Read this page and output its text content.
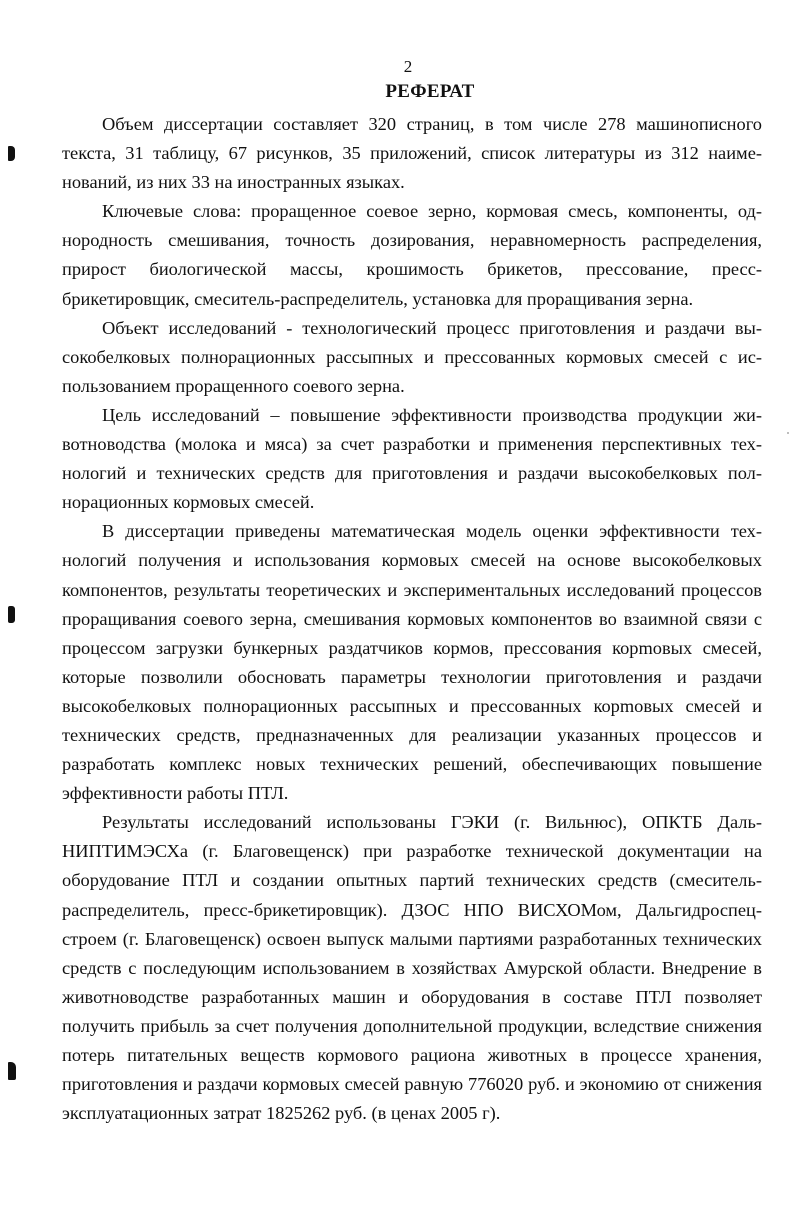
2
РЕФЕРАТ

Объем диссертации составляет 320 страниц, в том числе 278 машинописного текста, 31 таблицу, 67 рисунков, 35 приложений, список литературы из 312 наименований, из них 33 на иностранных языках.

Ключевые слова: проращенное соевое зерно, кормовая смесь, компоненты, однородность смешивания, точность дозирования, неравномерность распределения, прирост биологической массы, крошимость брикетов, прессование, пресс-брикетировщик, смеситель-распределитель, установка для проращивания зерна.

Объект исследований - технологический процесс приготовления и раздачи высокобелковых полнорационных рассыпных и прессованных кормовых смесей с использованием проращенного соевого зерна.

Цель исследований – повышение эффективности производства продукции животноводства (молока и мяса) за счет разработки и применения перспективных технологий и технических средств для приготовления и раздачи высокобелковых полнорационных кормовых смесей.

В диссертации приведены математическая модель оценки эффективности технологий получения и использования кормовых смесей на основе высокобелковых компонентов, результаты теоретических и экспериментальных исследований процессов проращивания соевого зерна, смешивания кормовых компонентов во взаимной связи с процессом загрузки бункерных раздатчиков кормов, прессования корmовых смесей, которые позволили обосновать параметры технологии приготовления и раздачи высокобелковых полнорационных рассыпных и прессованных корmовых смесей и технических средств, предназначенных для реализации указанных процессов и разработать комплекс новых технических решений, обеспечивающих повышение эффективности работы ПТЛ.

Результаты исследований использованы ГЭКИ (г. Вильнюс), ОПКТБ ДальНИПТИМЭСХа (г. Благовещенск) при разработке технической документации на оборудование ПТЛ и создании опытных партий технических средств (смеситель-распределитель, пресс-брикетировщик). ДЗОС НПО ВИСХОМом, Дальгидроспецстроем (г. Благовещенск) освоен выпуск малыми партиями разработанных технических средств с последующим использованием в хозяйствах Амурской области. Внедрение в животноводстве разработанных машин и оборудования в составе ПТЛ позволяет получить прибыль за счет получения дополнительной продукции, вследствие снижения потерь питательных веществ кормового рациона животных в процессе хранения, приготовления и раздачи кормовых смесей равную 776020 руб. и экономию от снижения эксплуатационных затрат 1825262 руб. (в ценах 2005 г).
